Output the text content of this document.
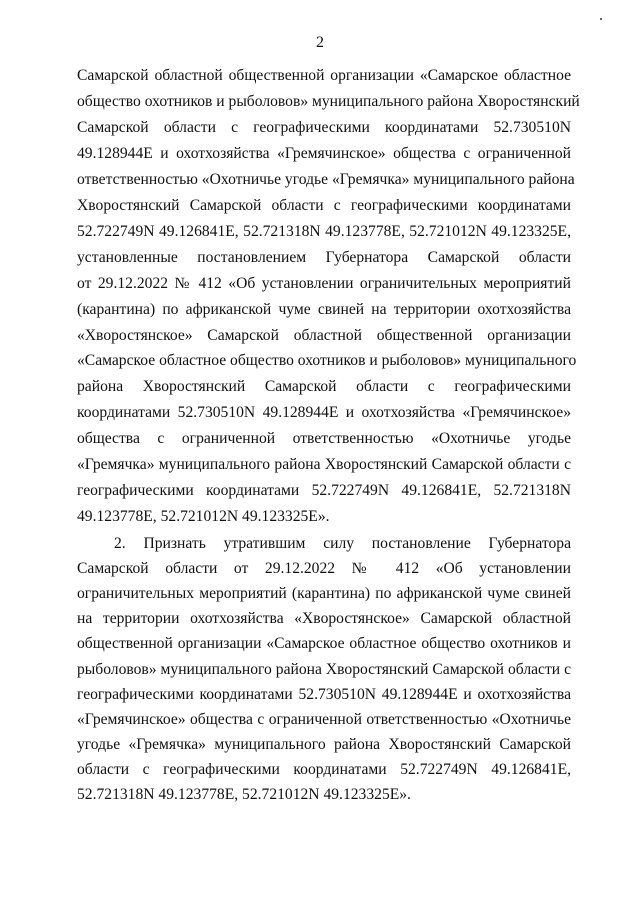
2
Самарской областной общественной организации «Самарское областное
общество охотников и рыболовов» муниципального района Хворостянский
Самарской области с географическими координатами 52.730510N
49.128944E и охотхозяйства «Гремячинское» общества с ограниченной
ответственностью «Охотничье угодье «Гремячка» муниципального района
Хворостянский Самарской области с географическими координатами
52.722749N 49.126841E, 52.721318N 49.123778E, 52.721012N 49.123325E,
установленные постановлением Губернатора Самарской области
от 29.12.2022 № 412 «Об установлении ограничительных мероприятий
(карантина) по африканской чуме свиней на территории охотхозяйства
«Хворостянское» Самарской областной общественной организации
«Самарское областное общество охотников и рыболовов» муниципального
района Хворостянский Самарской области с географическими
координатами 52.730510N 49.128944E и охотхозяйства «Гремячинское»
общества с ограниченной ответственностью «Охотничье угодье
«Гремячка» муниципального района Хворостянский Самарской области с
географическими координатами 52.722749N 49.126841E, 52.721318N
49.123778E, 52.721012N 49.123325E».
2. Признать утратившим силу постановление Губернатора
Самарской области от 29.12.2022 № 412 «Об установлении
ограничительных мероприятий (карантина) по африканской чуме свиней
на территории охотхозяйства «Хворостянское» Самарской областной
общественной организации «Самарское областное общество охотников и
рыболовов» муниципального района Хворостянский Самарской области с
географическими координатами 52.730510N 49.128944E и охотхозяйства
«Гремячинское» общества с ограниченной ответственностью «Охотничье
угодье «Гремячка» муниципального района Хворостянский Самарской
области с географическими координатами 52.722749N 49.126841E,
52.721318N 49.123778E, 52.721012N 49.123325E».
